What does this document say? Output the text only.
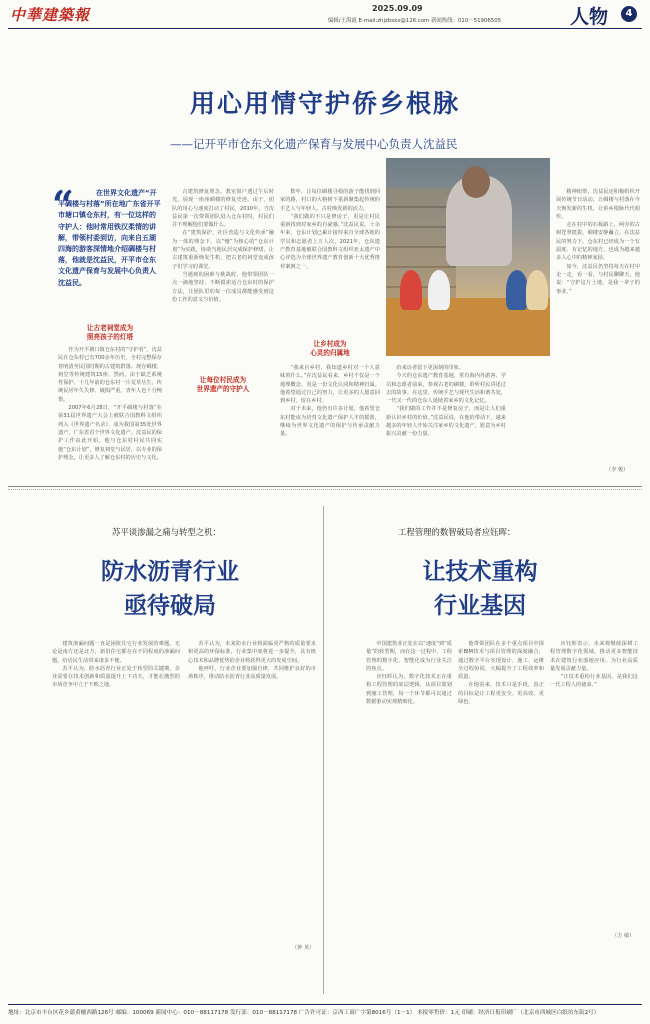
中華建築報	2025.09.09
编辑/王海霞 E-mail:zhjzbsxx@126.com 新闻热线：010－51906505	人物	4
用心用情守护侨乡根脉
——记开平市仓东文化遗产保育与发展中心负责人沈益民
“	在世界文化遗产“开平碉楼与村落”所在地广东省开平市塘口镇仓东村，有一位这样的守护人：他时常用铁汉柔情的讲解，带领村委到访，向来自五湖四海的游客深情地介绍碉楼与村落，他就是沈益民，开平市仓东文化遗产保育与发展中心负责人沈益民。
让古老祠堂成为
照亮孩子的灯塔

作为开平塘口镇仓东村的“守护者”，沈益民在仓东村已有700余年历史，全村完整保存着明清至民国时期的古建筑群落。现存碉楼、祠堂等传统建筑15座，然而，由于缺乏系统性保护，十几年前的仓东村一片荒草丛生，传统民居年久失修、破损严重，青年人也十分惋惜。

2007年6月28日，“开平碉楼与村落”在第31届世界遗产大会上被联合国教科文组织列入《世界遗产名录》，成为我国第35处世界遗产。广东省首个世界文化遗产。沈益民的保护工作由此开始。他与仓东村村民共同实施“仓东计划”，修复祠堂与民居，以专业的保护理念，让更多人了解仓东村的历史与文化。

古建筑修复理念，教室窗户透过午后时光，展现一座座碉楼的修复史迹。由于，团队的用心与速度打动了村民，2010年，当沈益民第一次带领团队进入仓东村时，村民们并不理解他们要做什么。

在“建筑保护，社区营造与文化传承”融为一体的理念下，以“慢”为核心的“仓东计划”为实践，协助当地民居完成保护修缮，让古建筑重新焕发生机，把古老的祠堂变成孩子们学习的课堂。

当遇到的困难与挑战时，他带领团队一点一滴地坚持，不断摸索适合仓东村的保护方法，让团队里的每一位成员都能感受到这份工作的意义与价值。

让每位村民成为
世界遗产的守护人

数年，让每位碉楼寻根的游子能找到回家的路，村口的大榕树下重新聚集起传统的手艺人与年轻人，古村焕发新的活力。

“我们做的不只是修房子，更是让村民重新找到对家乡的自豪感。”沈益民说。十余年来，仓东计划已累计接待来自全球各地的学员和志愿者上万人次，2021年，仓东遗产教育基地被联合国教科文组织亚太遗产中心评选为全球世界遗产教育创新十大优秀推荐案例之一。

让乡村成为
心灵的归属地

“我来自乡村，我知道乡村对一个人意味着什么。”在沈益民看来，乡村不仅是一个地理概念，更是一份文化认同和精神归属。他希望通过自己的努力，让更多的人愿意回到乡村、留在乡村。

对于未来，他仍有许多计划，他希望仓东村能成为培育文化遗产保护人才的摇篮，继续为世界文化遗产的保护与传承贡献力量。

给来访者留下更深刻的印象。

今天的仓东遗产教育基地，常有海内外游客、学员和志愿者前来，参观古老的碉楼，聆听村民讲述过去的故事。在这里，传统手艺与现代生活和谐共处，一代又一代的仓东人延续着家乡的文化记忆。

“我们做的工作并不是修复房子，而是让人们重新认识乡村的价值。”沈益民说，在他的带动下，越来越多的年轻人开始关注家乡的文化遗产，愿意为乡村振兴贡献一份力量。

精神纽带，沈益民还积极组织开展传统节日活动，让碉楼与村落在今天焕发新的生机，让侨乡根脉代代相传。

走在村中的石板路上，两旁的古树苍翠挺拔，碉楼安静矗立。在沈益民的努力下，仓东村已经成为一个有温度、有记忆的地方，也成为越来越多人心中的精神家园。

如今，沈益民仍坚持每天在村中走一走，看一看，与村民聊聊天，他说：“守护这片土地，是我一辈子的事业。”

（李 俊）
苏平谈渗漏之痛与转型之机：
防水沥青行业
亟待破局

建筑渗漏问题一直是困扰住宅行业发展的难题。无论是南方还是北方，新旧住宅都存在不同程度的渗漏问题，给居民生活带来诸多不便。

苏平认为，防水沥青行业正处于转型的关键期，企业需要在技术创新和质量提升上下功夫，才能在激烈的市场竞争中立于不败之地。

苏平认为，未来防水行业将面临更严格的质量要求和更高的环保标准，行业集中度将进一步提升，具有核心技术和品牌优势的企业将获得更大的发展空间。

他呼吁，行业企业要加强自律，共同维护良好的市场秩序，推动防水沥青行业高质量发展。

（钟 英）
工程管理的数智破局者应钰晖：
让技术重构
行业基因

中国建筑业正处在以“速度”到“质量”的转型期，而在这一过程中，工程管理的数字化、智能化成为行业关注的焦点。

应钰晖认为，数字化技术正在重构工程管理的底层逻辑，从项目策划到施工管理，每一个环节都可以通过数据驱动实现精细化。

他带领团队在多个重点项目中探索BIM技术与项目管理的深度融合，通过数字平台实现设计、施工、运维全过程协同，大幅提升了工程效率和质量。

在他看来，技术只是手段，真正的目标是让工程更安全、更高效、更绿色。

应钰晖表示，未来将继续深耕工程管理数字化领域，推动更多智能技术在建筑行业落地应用，为行业高质量发展贡献力量。

“让技术重构行业基因，是我们这一代工程人的使命。”

（方 敏）
地址：北京市丰台区花乡蒲黄榆西路126号 邮编：100069 新闻中心：010－88117178 发行部：010－88117178 广告许可证：京西工商广字第8016号（1－1） 本报零售价：1元 印刷：经济日报印刷厂（北京市西城区白纸坊东街2号）
